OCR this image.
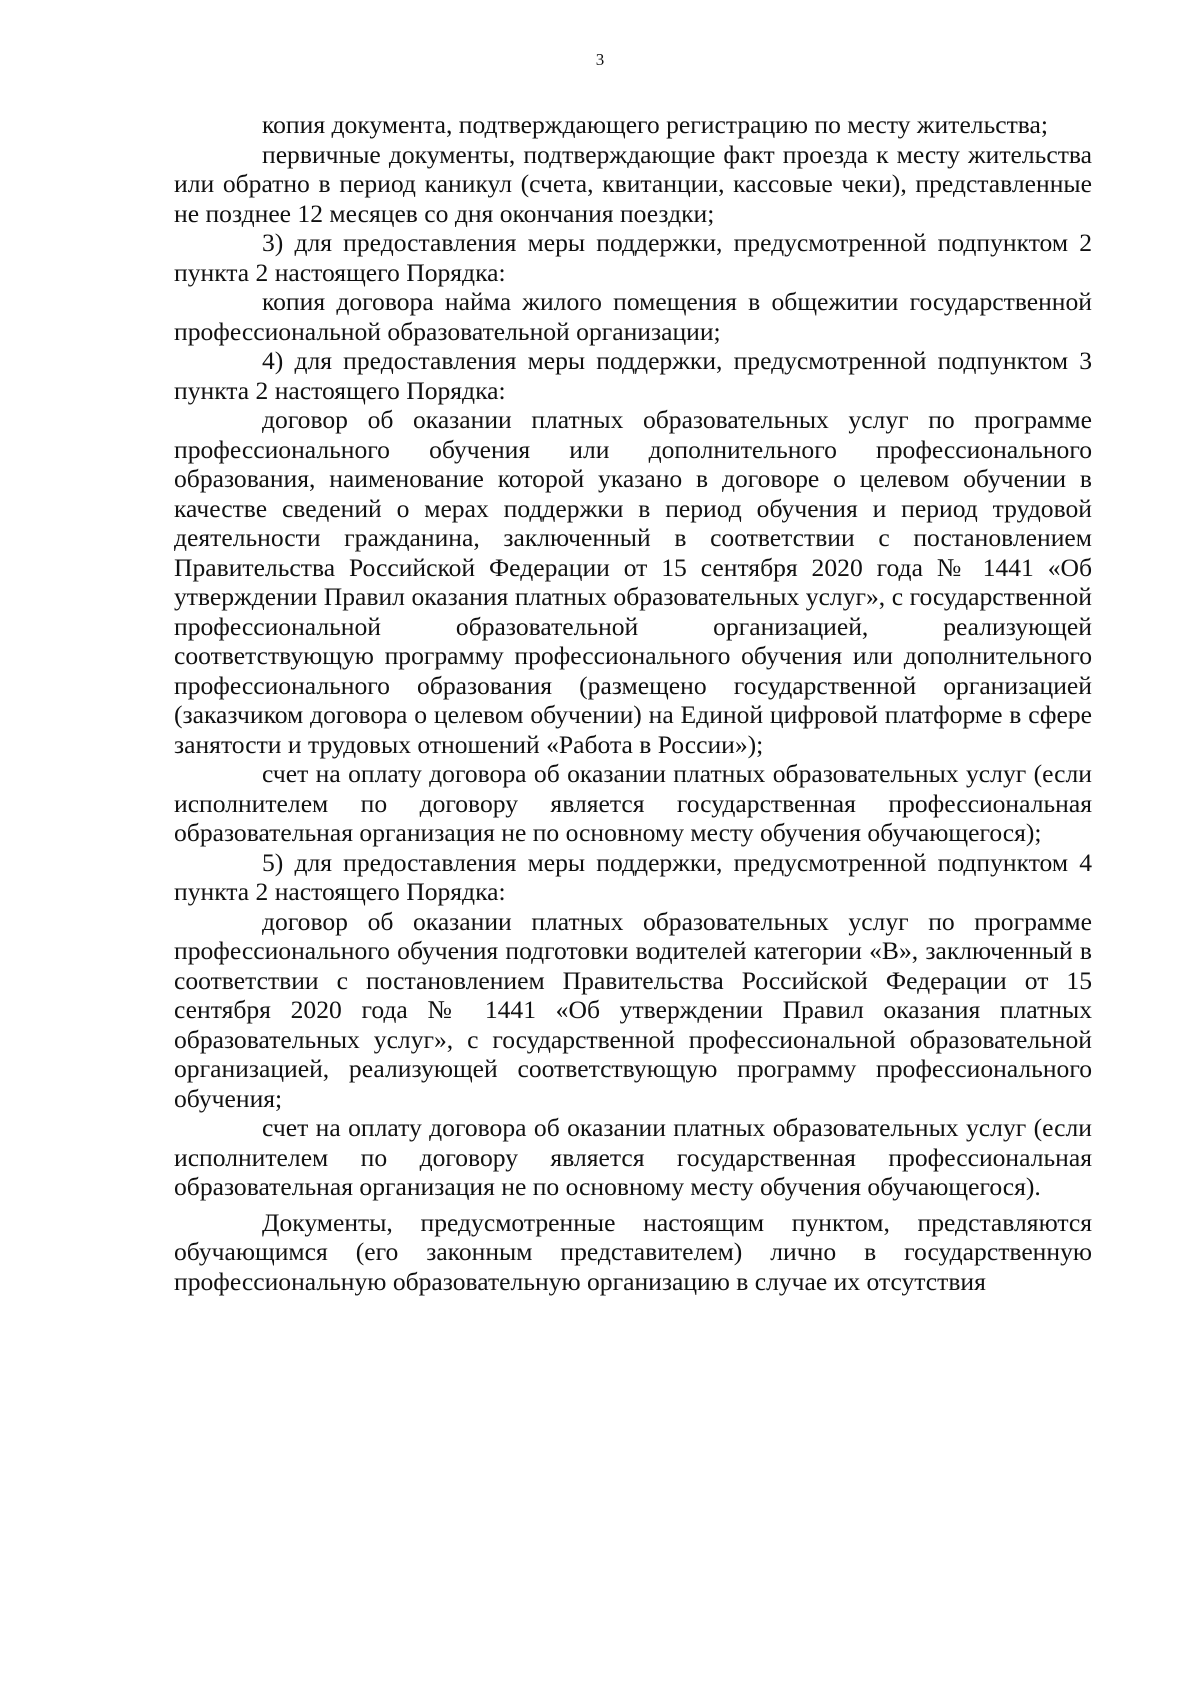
3

копия документа, подтверждающего регистрацию по месту жительства;

первичные документы, подтверждающие факт проезда к месту жительства или обратно в период каникул (счета, квитанции, кассовые чеки), представленные не позднее 12 месяцев со дня окончания поездки;

3) для предоставления меры поддержки, предусмотренной подпунктом 2 пункта 2 настоящего Порядка:

копия договора найма жилого помещения в общежитии государственной профессиональной образовательной организации;

4) для предоставления меры поддержки, предусмотренной подпунктом 3 пункта 2 настоящего Порядка:

договор об оказании платных образовательных услуг по программе профессионального обучения или дополнительного профессионального образования, наименование которой указано в договоре о целевом обучении в качестве сведений о мерах поддержки в период обучения и период трудовой деятельности гражданина, заключенный в соответствии с постановлением Правительства Российской Федерации от 15 сентября 2020 года № 1441 «Об утверждении Правил оказания платных образовательных услуг», с государственной профессиональной образовательной организацией, реализующей соответствующую программу профессионального обучения или дополнительного профессионального образования (размещено государственной организацией (заказчиком договора о целевом обучении) на Единой цифровой платформе в сфере занятости и трудовых отношений «Работа в России»);

счет на оплату договора об оказании платных образовательных услуг (если исполнителем по договору является государственная профессиональная образовательная организация не по основному месту обучения обучающегося);

5) для предоставления меры поддержки, предусмотренной подпунктом 4 пункта 2 настоящего Порядка:

договор об оказании платных образовательных услуг по программе профессионального обучения подготовки водителей категории «В», заключенный в соответствии с постановлением Правительства Российской Федерации от 15 сентября 2020 года № 1441 «Об утверждении Правил оказания платных образовательных услуг», с государственной профессиональной образовательной организацией, реализующей соответствующую программу профессионального обучения;

счет на оплату договора об оказании платных образовательных услуг (если исполнителем по договору является государственная профессиональная образовательная организация не по основному месту обучения обучающегося).

Документы, предусмотренные настоящим пунктом, представляются обучающимся (его законным представителем) лично в государственную профессиональную образовательную организацию в случае их отсутствия
